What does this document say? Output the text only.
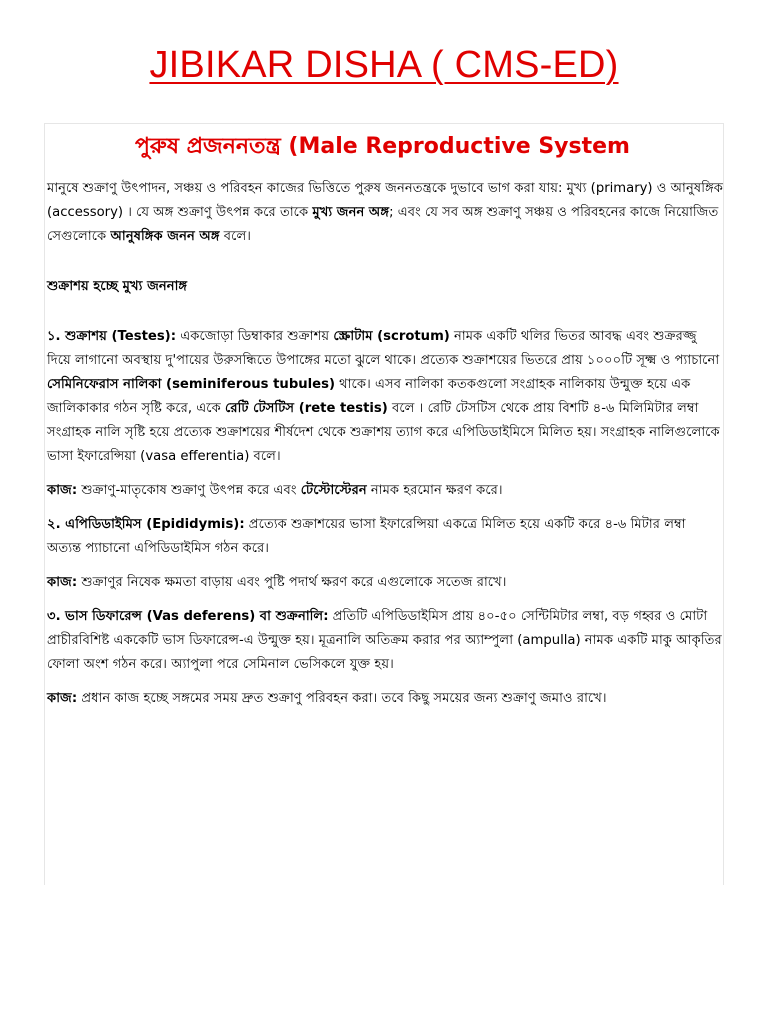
JIBIKAR DISHA ( CMS-ED)
পুরুষ প্রজননতন্ত্র (Male Reproductive System

মানুষে শুক্রাণু উৎপাদন, সঞ্চয় ও পরিবহন কাজের ভিত্তিতে পুরুষ জননতন্ত্রকে দুভাবে ভাগ করা যায়: মুখ্য (primary) ও আনুষঙ্গিক (accessory) । যে অঙ্গ শুক্রাণু উৎপন্ন করে তাকে মুখ্য জনন অঙ্গ; এবং যে সব অঙ্গ শুক্রাণু সঞ্চয় ও পরিবহনের কাজে নিয়োজিত সেগুলোকে আনুষঙ্গিক জনন অঙ্গ বলে।

শুক্রাশয় হচ্ছে মুখ্য জননাঙ্গ

১. শুক্রাশয় (Testes): একজোড়া ডিম্বাকার শুক্রাশয় স্ক্রোটাম (scrotum) নামক একটি থলির ভিতর আবদ্ধ এবং শুক্ররজ্জু দিয়ে লাগানো অবস্থায় দু'পায়ের উরুসন্ধিতে উপাঙ্গের মতো ঝুলে থাকে। প্রত্যেক শুক্রাশয়ের ভিতরে প্রায় ১০০০টি সূক্ষ্ম ও প্যাচানো সেমিনিফেরাস নালিকা (seminiferous tubules) থাকে। এসব নালিকা কতকগুলো সংগ্রাহক নালিকায় উন্মুক্ত হয়ে এক জালিকাকার গঠন সৃষ্টি করে, একে রেটি টেসটিস (rete testis) বলে । রেটি টেসটিস থেকে প্রায় বিশটি ৪-৬ মিলিমিটার লম্বা সংগ্রাহক নালি সৃষ্টি হয়ে প্রত্যেক শুক্রাশয়ের শীর্ষদেশ থেকে শুক্রাশয় ত্যাগ করে এপিডিডাইমিসে মিলিত হয়। সংগ্রাহক নালিগুলোকে ভাসা ইফারেন্সিয়া (vasa efferentia) বলে।

কাজ: শুক্রাণু-মাতৃকোষ শুক্রাণু উৎপন্ন করে এবং টেস্টোস্টেরন নামক হরমোন ক্ষরণ করে।

২. এপিডিডাইমিস (Epididymis): প্রত্যেক শুক্রাশয়ের ভাসা ইফারেন্সিয়া একত্রে মিলিত হয়ে একটি করে ৪-৬ মিটার লম্বা অত্যন্ত প্যাচানো এপিডিডাইমিস গঠন করে।

কাজ: শুক্রাণুর নিষেক ক্ষমতা বাড়ায় এবং পুষ্টি পদার্থ ক্ষরণ করে এগুলোকে সতেজ রাখে।

৩. ভাস ডিফারেন্স (Vas deferens) বা শুক্রনালি: প্রতিটি এপিডিডাইমিস প্রায় ৪০-৫০ সেন্টিমিটার লম্বা, বড় গহ্বর ও মোটা প্রাচীরবিশিষ্ট এককেটি ভাস ডিফারেন্স-এ উন্মুক্ত হয়। মূত্রনালি অতিক্রম করার পর অ্যাম্পুলা (ampulla) নামক একটি মাকু আকৃতির ফোলা অংশ গঠন করে। অ্যাপুলা পরে সেমিনাল ভেসিকলে যুক্ত হয়।

কাজ: প্রধান কাজ হচ্ছে সঙ্গমের সময় দ্রুত শুক্রাণু পরিবহন করা। তবে কিছু সময়ের জন্য শুক্রাণু জমাও রাখে।
